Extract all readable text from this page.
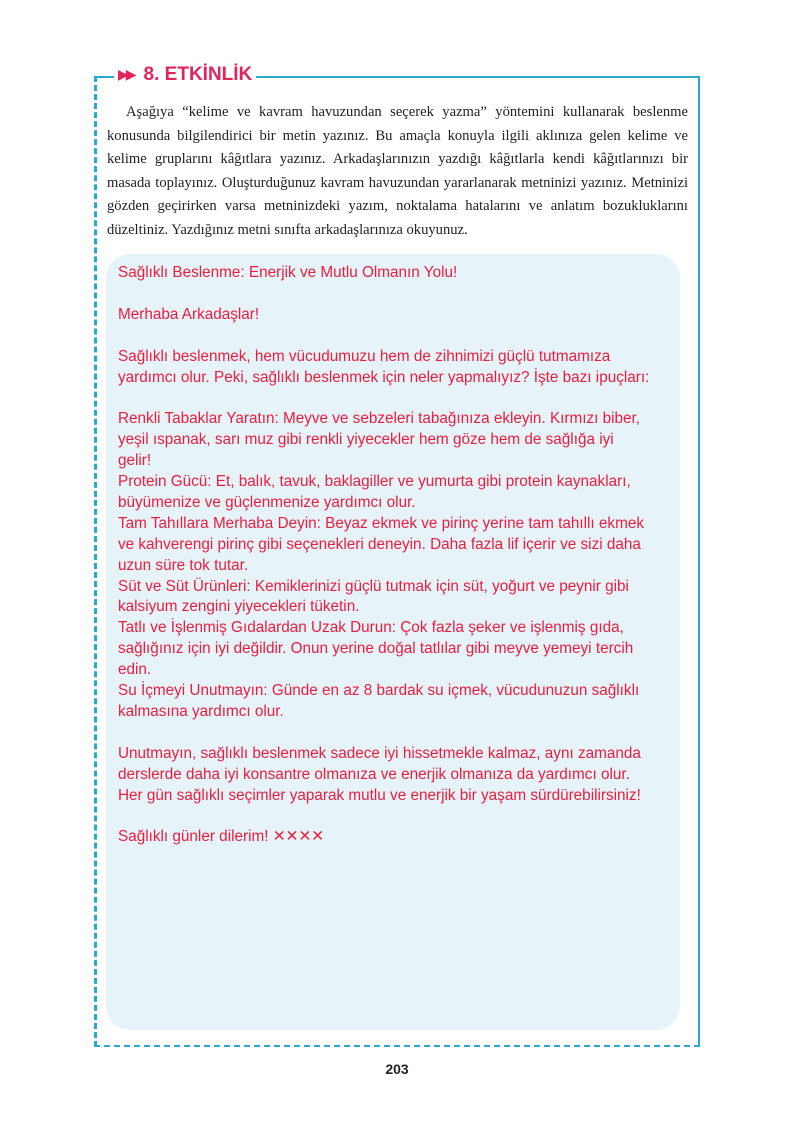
▶▶ 8. ETKİNLİK

Aşağıya “kelime ve kavram havuzundan seçerek yazma” yöntemini kullanarak beslenme konusunda bilgilendirici bir metin yazınız. Bu amaçla konuyla ilgili aklınıza gelen kelime ve kelime gruplarını kâğıtlara yazınız. Arkadaşlarınızın yazdığı kâğıtlarla kendi kâğıtlarınızı bir masada toplayınız. Oluşturduğunuz kavram havuzundan yararlanarak metninizi yazınız. Metninizi gözden geçirirken varsa metninizdeki yazım, noktalama hatalarını ve anlatım bozukluklarını düzeltiniz. Yazdığınız metni sınıfta arkadaşlarınıza okuyunuz.

Sağlıklı Beslenme: Enerjik ve Mutlu Olmanın Yolu!

Merhaba Arkadaşlar!

Sağlıklı beslenmek, hem vücudumuzu hem de zihnimizi güçlü tutmamıza

yardımcı olur. Peki, sağlıklı beslenmek için neler yapmalıyız? İşte bazı ipuçları:

Renkli Tabaklar Yaratın: Meyve ve sebzeleri tabağınıza ekleyin. Kırmızı biber,

yeşil ıspanak, sarı muz gibi renkli yiyecekler hem göze hem de sağlığa iyi

gelir!

Protein Gücü: Et, balık, tavuk, baklagiller ve yumurta gibi protein kaynakları,

büyümenize ve güçlenmenize yardımcı olur.

Tam Tahıllara Merhaba Deyin: Beyaz ekmek ve pirinç yerine tam tahıllı ekmek

ve kahverengi pirinç gibi seçenekleri deneyin. Daha fazla lif içerir ve sizi daha

uzun süre tok tutar.

Süt ve Süt Ürünleri: Kemiklerinizi güçlü tutmak için süt, yoğurt ve peynir gibi

kalsiyum zengini yiyecekleri tüketin.

Tatlı ve İşlenmiş Gıdalardan Uzak Durun: Çok fazla şeker ve işlenmiş gıda,

sağlığınız için iyi değildir. Onun yerine doğal tatlılar gibi meyve yemeyi tercih

edin.

Su İçmeyi Unutmayın: Günde en az 8 bardak su içmek, vücudunuzun sağlıklı

kalmasına yardımcı olur.

Unutmayın, sağlıklı beslenmek sadece iyi hissetmekle kalmaz, aynı zamanda

derslerde daha iyi konsantre olmanıza ve enerjik olmanıza da yardımcı olur.

Her gün sağlıklı seçimler yaparak mutlu ve enerjik bir yaşam sürdürebilirsiniz!

Sağlıklı günler dilerim! ✕✕✕✕

203
